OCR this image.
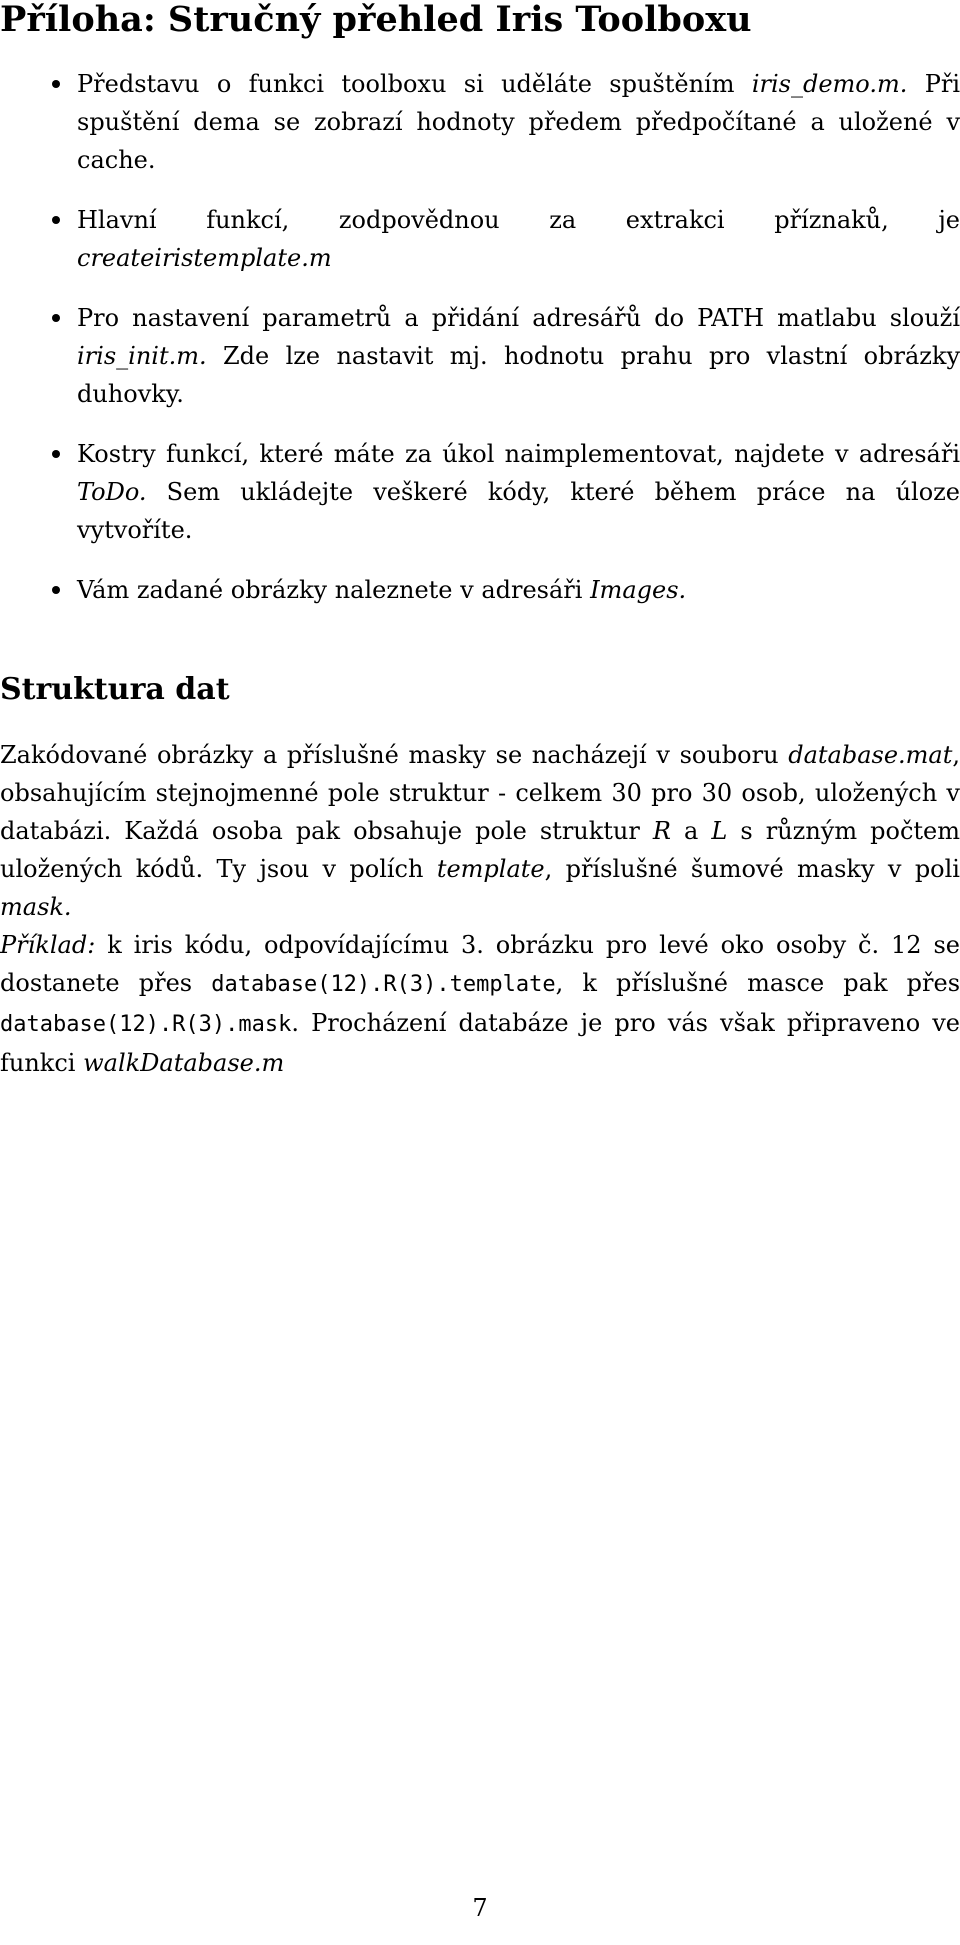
Příloha: Stručný přehled Iris Toolboxu
Představu o funkci toolboxu si uděláte spuštěním iris_demo.m. Při spuštění dema se zobrazí hodnoty předem předpočítané a uložené v cache.
Hlavní funkcí, zodpovědnou za extrakci příznaků, je createiristemplate.m
Pro nastavení parametrů a přidání adresářů do PATH matlabu slouží iris_init.m. Zde lze nastavit mj. hodnotu prahu pro vlastní obrázky duhovky.
Kostry funkcí, které máte za úkol naimplementovat, najdete v adresáři ToDo. Sem ukládejte veškeré kódy, které během práce na úloze vytvoříte.
Vám zadané obrázky naleznete v adresáři Images.
Struktura dat

Zakódované obrázky a příslušné masky se nacházejí v souboru database.mat, obsahujícím stejnojmenné pole struktur - celkem 30 pro 30 osob, uložených v databázi. Každá osoba pak obsahuje pole struktur R a L s různým počtem uložených kódů. Ty jsou v polích template, příslušné šumové masky v poli mask.

Příklad: k iris kódu, odpovídajícímu 3. obrázku pro levé oko osoby č. 12 se dostanete přes database(12).R(3).template, k příslušné masce pak přes database(12).R(3).mask. Procházení databáze je pro vás však připraveno ve funkci walkDatabase.m

7
